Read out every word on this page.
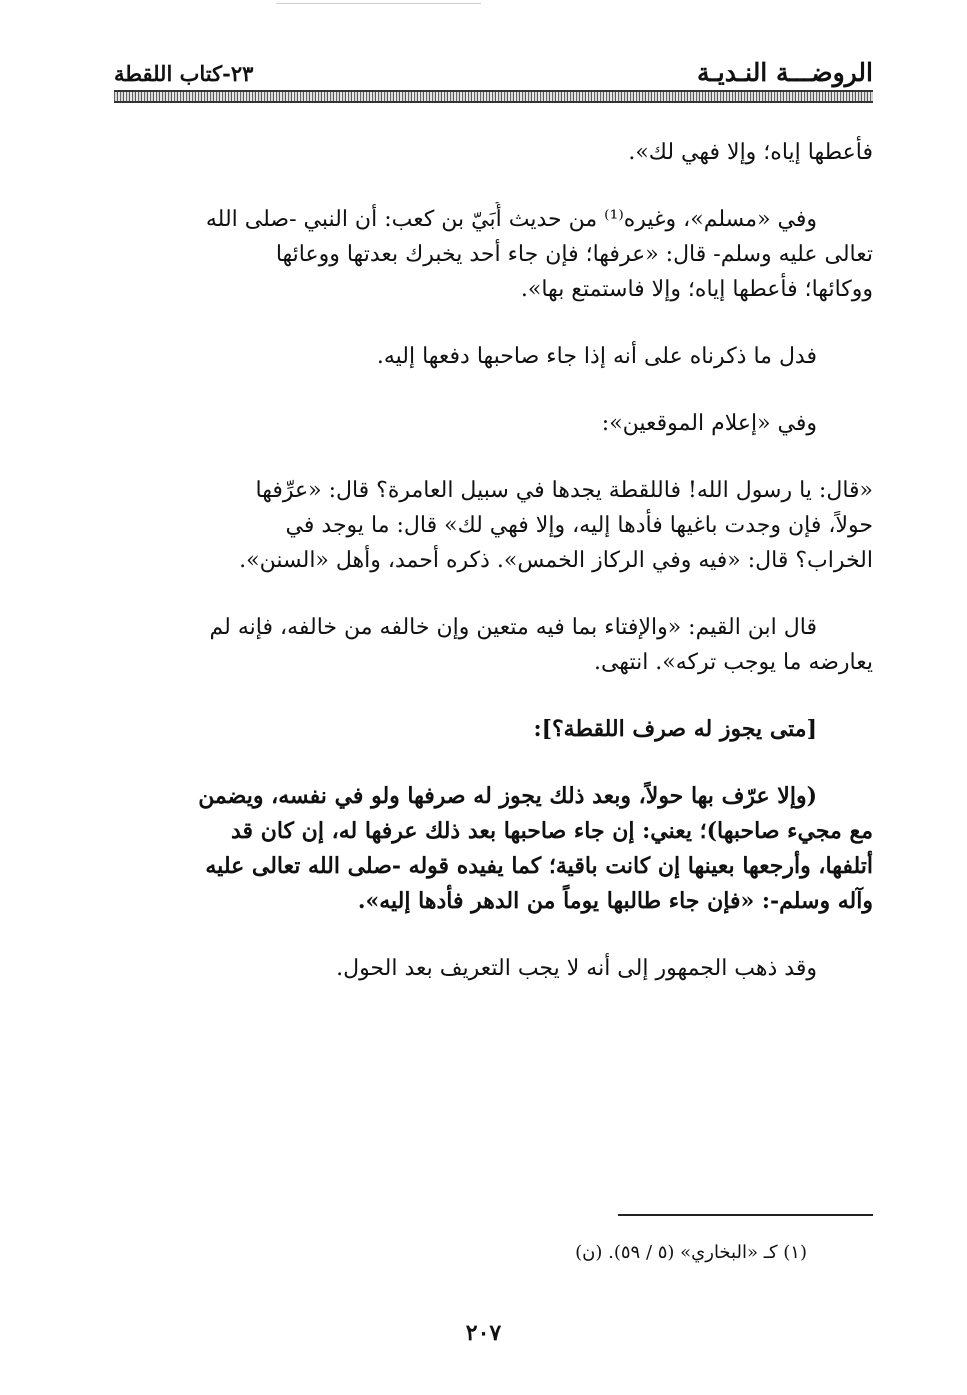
الروضـــة النـديـة
٢٣-كتاب اللقطة
فأعطها إياه؛ وإلا فهي لك».
وفي «مسلم»، وغيره⁽¹⁾ من حديث أُبَيّ بن كعب: أن النبي -صلى الله
تعالى عليه وسلم- قال: «عرفها؛ فإن جاء أحد يخبرك بعدتها ووعائها
ووكائها؛ فأعطها إياه؛ وإلا فاستمتع بها».
فدل ما ذكرناه على أنه إذا جاء صاحبها دفعها إليه.
وفي «إعلام الموقعين»:
«قال: يا رسول الله! فاللقطة يجدها في سبيل العامرة؟ قال: «عرِّفها
حولاً، فإن وجدت باغيها فأدها إليه، وإلا فهي لك» قال: ما يوجد في
الخراب؟ قال: «فيه وفي الركاز الخمس». ذكره أحمد، وأهل «السنن».
قال ابن القيم: «والإفتاء بما فيه متعين وإن خالفه من خالفه، فإنه لم
يعارضه ما يوجب تركه». انتهى.
[متى يجوز له صرف اللقطة؟]:
(وإلا عرّف بها حولاً، وبعد ذلك يجوز له صرفها ولو في نفسه، ويضمن
مع مجيء صاحبها)؛ يعني: إن جاء صاحبها بعد ذلك عرفها له، إن كان قد
أتلفها، وأرجعها بعينها إن كانت باقية؛ كما يفيده قوله -صلى الله تعالى عليه
وآله وسلم-: «فإن جاء طالبها يوماً من الدهر فأدها إليه».
وقد ذهب الجمهور إلى أنه لا يجب التعريف بعد الحول.
(١) كـ «البخاري» (٥ / ٥٩). (ن)
٢٠٧
